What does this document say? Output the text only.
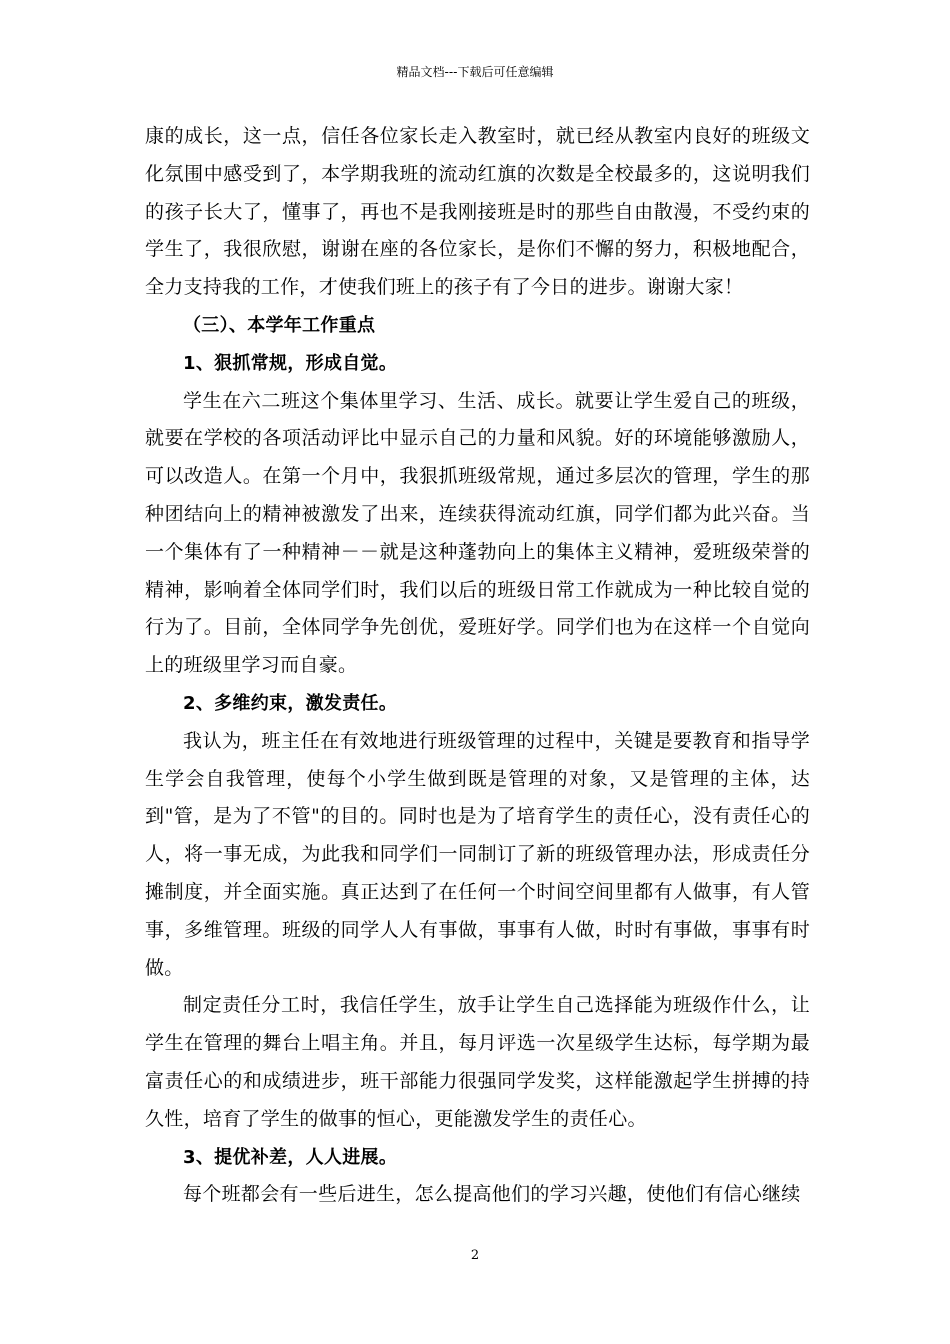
精品文档---下载后可任意编辑

康的成长，这一点，信任各位家长走入教室时，就已经从教室内良好的班级文化氛围中感受到了，本学期我班的流动红旗的次数是全校最多的，这说明我们的孩子长大了，懂事了，再也不是我刚接班是时的那些自由散漫，不受约束的学生了，我很欣慰，谢谢在座的各位家长，是你们不懈的努力，积极地配合，全力支持我的工作，才使我们班上的孩子有了今日的进步。谢谢大家！

（三）、本学年工作重点

1、狠抓常规，形成自觉。

学生在六二班这个集体里学习、生活、成长。就要让学生爱自己的班级，就要在学校的各项活动评比中显示自己的力量和风貌。好的环境能够激励人，可以改造人。在第一个月中，我狠抓班级常规，通过多层次的管理，学生的那种团结向上的精神被激发了出来，连续获得流动红旗，同学们都为此兴奋。当一个集体有了一种精神－－就是这种蓬勃向上的集体主义精神，爱班级荣誉的精神，影响着全体同学们时，我们以后的班级日常工作就成为一种比较自觉的行为了。目前，全体同学争先创优，爱班好学。同学们也为在这样一个自觉向上的班级里学习而自豪。

2、多维约束，激发责任。

我认为，班主任在有效地进行班级管理的过程中，关键是要教育和指导学生学会自我管理，使每个小学生做到既是管理的对象，又是管理的主体，达到"管，是为了不管"的目的。同时也是为了培育学生的责任心，没有责任心的人，将一事无成，为此我和同学们一同制订了新的班级管理办法，形成责任分摊制度，并全面实施。真正达到了在任何一个时间空间里都有人做事，有人管事，多维管理。班级的同学人人有事做，事事有人做，时时有事做，事事有时做。

制定责任分工时，我信任学生，放手让学生自己选择能为班级作什么，让学生在管理的舞台上唱主角。并且，每月评选一次星级学生达标，每学期为最富责任心的和成绩进步，班干部能力很强同学发奖，这样能激起学生拼搏的持久性，培育了学生的做事的恒心，更能激发学生的责任心。

3、提优补差，人人进展。

每个班都会有一些后进生，怎么提高他们的学习兴趣，使他们有信心继续

2
